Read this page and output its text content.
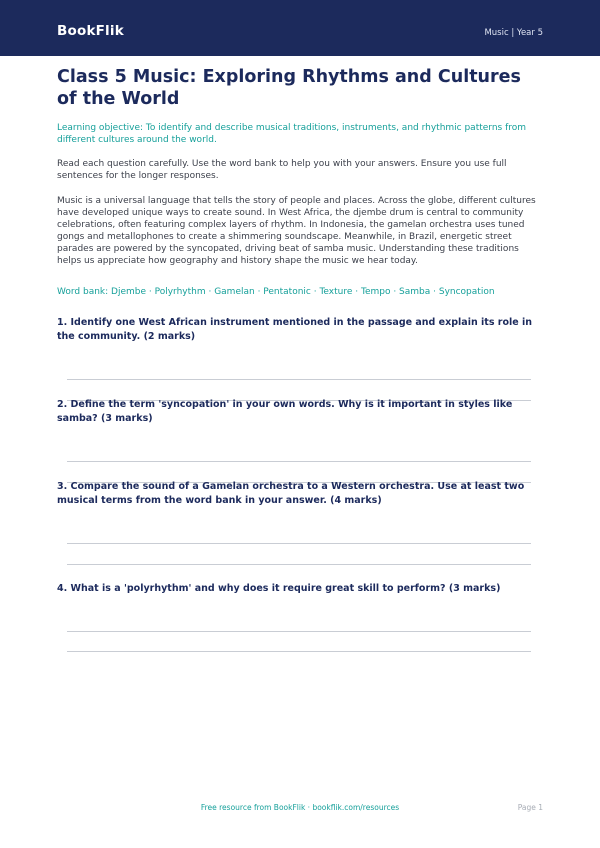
BookFlik	Music | Year 5
Class 5 Music: Exploring Rhythms and Cultures of the World

Learning objective: To identify and describe musical traditions, instruments, and rhythmic patterns from different cultures around the world.

Read each question carefully. Use the word bank to help you with your answers. Ensure you use full sentences for the longer responses.

Music is a universal language that tells the story of people and places. Across the globe, different cultures have developed unique ways to create sound. In West Africa, the djembe drum is central to community celebrations, often featuring complex layers of rhythm. In Indonesia, the gamelan orchestra uses tuned gongs and metallophones to create a shimmering soundscape. Meanwhile, in Brazil, energetic street parades are powered by the syncopated, driving beat of samba music. Understanding these traditions helps us appreciate how geography and history shape the music we hear today.

Word bank: Djembe · Polyrhythm · Gamelan · Pentatonic · Texture · Tempo · Samba · Syncopation

1. Identify one West African instrument mentioned in the passage and explain its role in the community. (2 marks)

2. Define the term 'syncopation' in your own words. Why is it important in styles like samba? (3 marks)

3. Compare the sound of a Gamelan orchestra to a Western orchestra. Use at least two musical terms from the word bank in your answer. (4 marks)

4. What is a 'polyrhythm' and why does it require great skill to perform? (3 marks)

Free resource from BookFlik · bookflik.com/resources	Page 1
